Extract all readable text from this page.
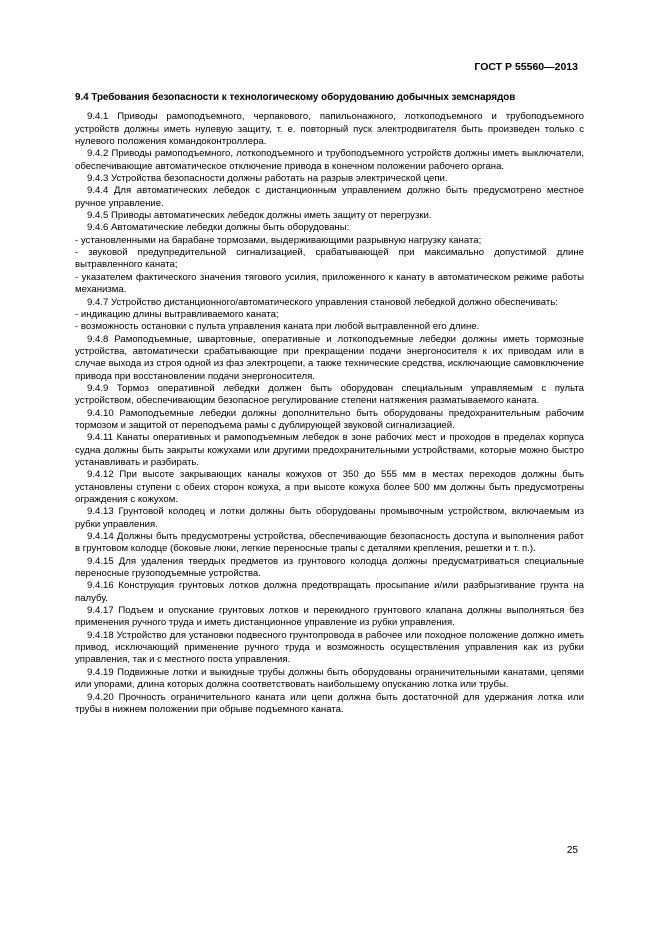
ГОСТ Р 55560—2013
9.4 Требования безопасности к технологическому оборудованию добычных земснарядов

9.4.1 Приводы рамоподъемного, черпакового, папильонажного, лоткоподъемного и трубоподъемного устройств должны иметь нулевую защиту, т. е. повторный пуск электродвигателя быть произведен только с нулевого положения командоконтроллера.

9.4.2 Приводы рамоподъемного, лоткоподъемного и трубоподъемного устройств должны иметь выключатели, обеспечивающие автоматическое отключение привода в конечном положении рабочего органа.

9.4.3 Устройства безопасности должны работать на разрыв электрической цепи.

9.4.4 Для автоматических лебедок с дистанционным управлением должно быть предусмотрено местное ручное управление.

9.4.5 Приводы автоматических лебедок должны иметь защиту от перегрузки.

9.4.6 Автоматические лебедки должны быть оборудованы:

- установленными на барабане тормозами, выдерживающими разрывную нагрузку каната;

- звуковой предупредительной сигнализацией, срабатывающей при максимально допустимой длине вытравленного каната;

- указателем фактического значения тягового усилия, приложенного к канату в автоматическом режиме работы механизма.

9.4.7 Устройство дистанционного/автоматического управления становой лебедкой должно обеспечивать:

- индикацию длины вытравливаемого каната;

- возможность остановки с пульта управления каната при любой вытравленной его длине.

9.4.8 Рамоподъемные, швартовные, оперативные и лоткоподъемные лебедки должны иметь тормозные устройства, автоматически срабатывающие при прекращении подачи энергоносителя к их приводам или в случае выхода из строя одной из фаз электроцепи, а также технические средства, исключающие самовключение привода при восстановлении подачи энергоносителя.

9.4.9 Тормоз оперативной лебедки должен быть оборудован специальным управляемым с пульта устройством, обеспечивающим безопасное регулирование степени натяжения разматываемого каната.

9.4.10 Рамоподъемные лебедки должны дополнительно быть оборудованы предохранительным рабочим тормозом и защитой от переподъема рамы с дублирующей звуковой сигнализацией.

9.4.11 Канаты оперативных и рамоподъемным лебедок в зоне рабочих мест и проходов в пределах корпуса судна должны быть закрыты кожухами или другими предохранительными устройствами, которые можно быстро устанавливать и разбирать.

9.4.12 При высоте закрывающих каналы кожухов от 350 до 555 мм в местах переходов должны быть установлены ступени с обеих сторон кожуха, а при высоте кожуха более 500 мм должны быть предусмотрены ограждения с кожухом.

9.4.13 Грунтовой колодец и лотки должны быть оборудованы промывочным устройством, включаемым из рубки управления.

9.4.14 Должны быть предусмотрены устройства, обеспечивающие безопасность доступа и выполнения работ в грунтовом колодце (боковые люки, легкие переносные трапы с деталями крепления, решетки и т. п.).

9.4.15 Для удаления твердых предметов из грунтового колодца должны предусматриваться специальные переносные грузоподъемные устройства.

9.4.16 Конструкция грунтовых лотков должна предотвращать просыпание и/или разбрызгивание грунта на палубу.

9.4.17 Подъем и опускание грунтовых лотков и перекидного грунтового клапана должны выполняться без применения ручного труда и иметь дистанционное управление из рубки управления.

9.4.18 Устройство для установки подвесного грунтопровода в рабочее или походное положение должно иметь привод, исключающий применение ручного труда и возможность осуществления управления как из рубки управления, так и с местного поста управления.

9.4.19 Подвижные лотки и выкидные трубы должны быть оборудованы ограничительными канатами, цепями или упорами, длина которых должна соответствовать наибольшему опусканию лотка или трубы.

9.4.20 Прочность ограничительного каната или цепи должна быть достаточной для удержания лотка или трубы в нижнем положении при обрыве подъемного каната.

25
